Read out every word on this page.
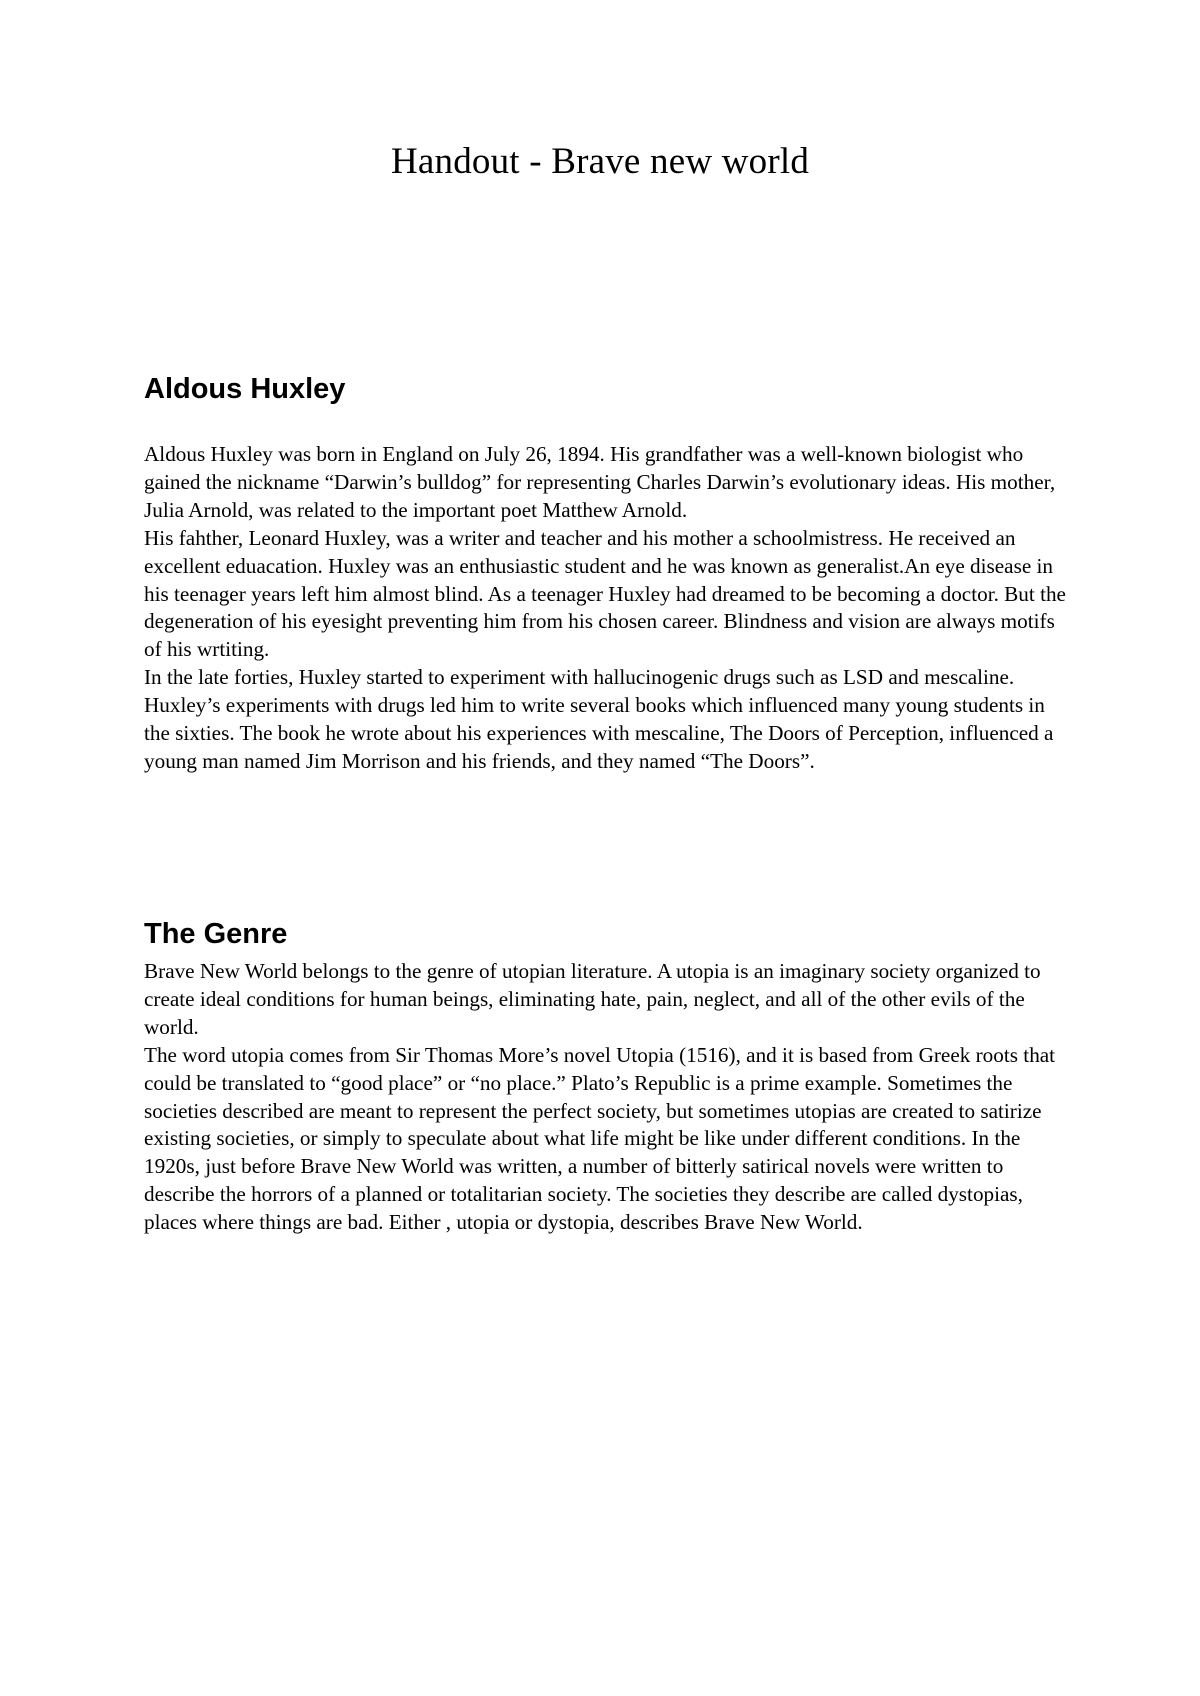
Handout - Brave new world
Aldous Huxley

Aldous Huxley was born in England on July 26, 1894. His grandfather was a well-known biologist who gained the nickname “Darwin’s bulldog” for representing Charles Darwin’s evolutionary ideas. His mother, Julia Arnold, was related to the important poet Matthew Arnold.

His fahther, Leonard Huxley, was a writer and teacher and his mother a schoolmistress. He received an excellent eduacation. Huxley was an enthusiastic student and he was known as generalist.An eye disease in his teenager years left him almost blind. As a teenager Huxley had dreamed to be becoming a doctor. But the degeneration of his eyesight preventing him from his chosen career. Blindness and vision are always motifs of his wrtiting.

In the late forties, Huxley started to experiment with hallucinogenic drugs such as LSD and mescaline. Huxley’s experiments with drugs led him to write several books which influenced many young students in the sixties. The book he wrote about his experiences with mescaline, The Doors of Perception, influenced a young man named Jim Morrison and his friends, and they named “The Doors”.

The Genre

Brave New World belongs to the genre of utopian literature. A utopia is an imaginary society organized to create ideal conditions for human beings, eliminating hate, pain, neglect, and all of the other evils of the world.

The word utopia comes from Sir Thomas More’s novel Utopia (1516), and it is based from Greek roots that could be translated to “good place” or “no place.” Plato’s Republic is a prime example. Sometimes the societies described are meant to represent the perfect society, but sometimes utopias are created to satirize existing societies, or simply to speculate about what life might be like under different conditions. In the 1920s, just before Brave New World was written, a number of bitterly satirical novels were written to describe the horrors of a planned or totalitarian society. The societies they describe are called dystopias, places where things are bad. Either , utopia or dystopia, describes Brave New World.
